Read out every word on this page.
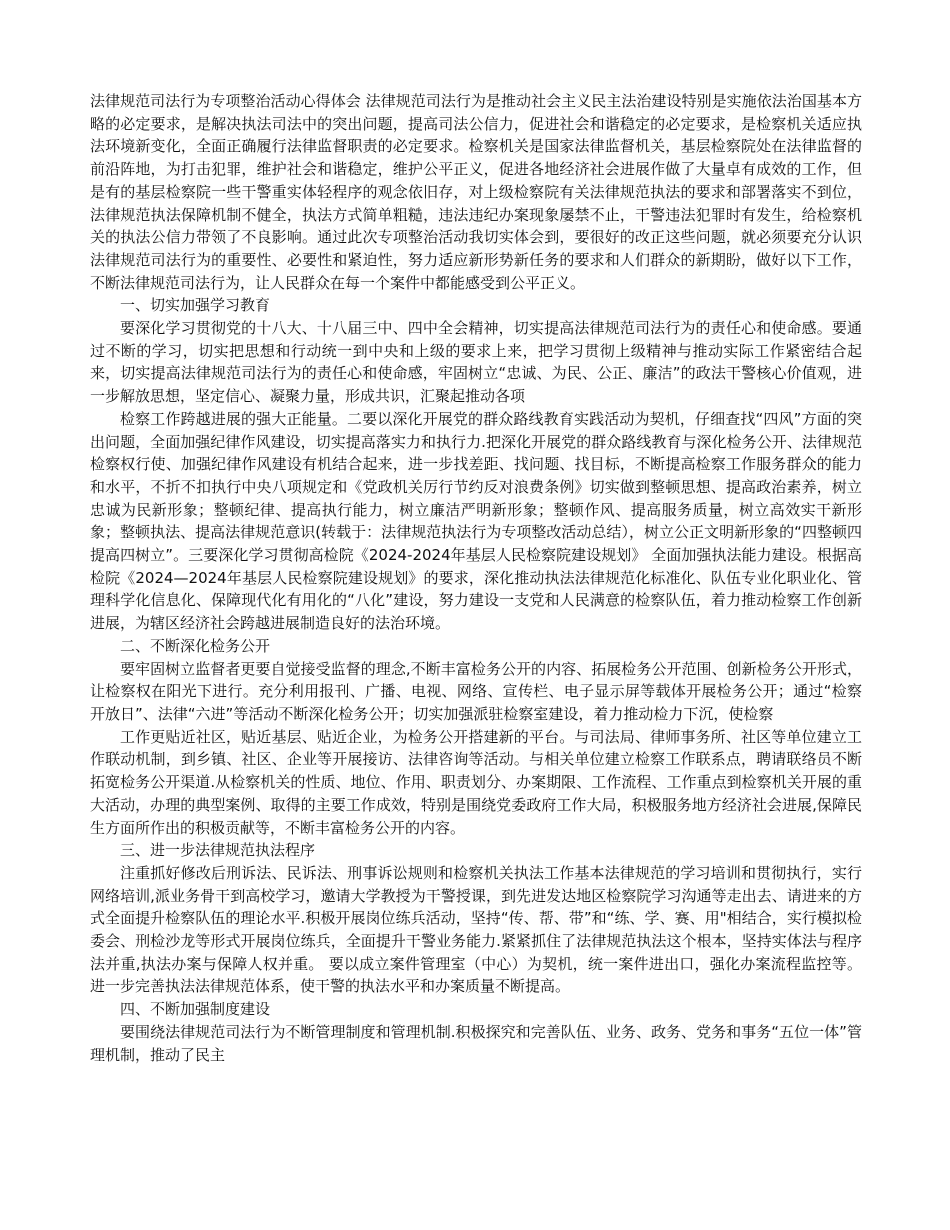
法律规范司法行为专项整治活动心得体会 法律规范司法行为是推动社会主义民主法治建设特别是实施依法治国基本方略的必定要求，是解决执法司法中的突出问题，提高司法公信力，促进社会和谐稳定的必定要求，是检察机关适应执法环境新变化，全面正确履行法律监督职责的必定要求。检察机关是国家法律监督机关，基层检察院处在法律监督的前沿阵地，为打击犯罪，维护社会和谐稳定，维护公平正义，促进各地经济社会进展作做了大量卓有成效的工作，但是有的基层检察院一些干警重实体轻程序的观念依旧存，对上级检察院有关法律规范执法的要求和部署落实不到位，法律规范执法保障机制不健全，执法方式简单粗糙，违法违纪办案现象屡禁不止，干警违法犯罪时有发生，给检察机关的执法公信力带领了不良影响。通过此次专项整治活动我切实体会到，要很好的改正这些问题，就必须要充分认识法律规范司法行为的重要性、必要性和紧迫性，努力适应新形势新任务的要求和人们群众的新期盼，做好以下工作，不断法律规范司法行为，让人民群众在每一个案件中都能感受到公平正义。

一、切实加强学习教育

要深化学习贯彻党的十八大、十八届三中、四中全会精神，切实提高法律规范司法行为的责任心和使命感。要通过不断的学习，切实把思想和行动统一到中央和上级的要求上来，把学习贯彻上级精神与推动实际工作紧密结合起来，切实提高法律规范司法行为的责任心和使命感，牢固树立“忠诚、为民、公正、廉洁”的政法干警核心价值观，进一步解放思想，坚定信心、凝聚力量，形成共识，汇聚起推动各项

检察工作跨越进展的强大正能量。二要以深化开展党的群众路线教育实践活动为契机，仔细查找“四风”方面的突出问题，全面加强纪律作风建设，切实提高落实力和执行力.把深化开展党的群众路线教育与深化检务公开、法律规范检察权行使、加强纪律作风建设有机结合起来，进一步找差距、找问题、找目标，不断提高检察工作服务群众的能力和水平，不折不扣执行中央八项规定和《党政机关厉行节约反对浪费条例》切实做到整顿思想、提高政治素养，树立忠诚为民新形象；整顿纪律、提高执行能力，树立廉洁严明新形象；整顿作风、提高服务质量，树立高效实干新形象；整顿执法、提高法律规范意识(转载于：法律规范执法行为专项整改活动总结），树立公正文明新形象的“四整顿四提高四树立”。三要深化学习贯彻高检院《2024-2024年基层人民检察院建设规划》 全面加强执法能力建设。根据高检院《2024—2024年基层人民检察院建设规划》的要求，深化推动执法法律规范化标准化、队伍专业化职业化、管理科学化信息化、保障现代化有用化的“八化”建设，努力建设一支党和人民满意的检察队伍，着力推动检察工作创新进展，为辖区经济社会跨越进展制造良好的法治环境。

二、不断深化检务公开

要牢固树立监督者更要自觉接受监督的理念,不断丰富检务公开的内容、拓展检务公开范围、创新检务公开形式，让检察权在阳光下进行。充分利用报刊、广播、电视、网络、宣传栏、电子显示屏等载体开展检务公开；通过“检察开放日”、法律“六进”等活动不断深化检务公开；切实加强派驻检察室建设，着力推动检力下沉，使检察

工作更贴近社区，贴近基层、贴近企业，为检务公开搭建新的平台。与司法局、律师事务所、社区等单位建立工作联动机制，到乡镇、社区、企业等开展接访、法律咨询等活动。与相关单位建立检察工作联系点，聘请联络员不断拓宽检务公开渠道.从检察机关的性质、地位、作用、职责划分、办案期限、工作流程、工作重点到检察机关开展的重大活动，办理的典型案例、取得的主要工作成效，特别是围绕党委政府工作大局，积极服务地方经济社会进展,保障民生方面所作出的积极贡献等，不断丰富检务公开的内容。

三、进一步法律规范执法程序

注重抓好修改后刑诉法、民诉法、刑事诉讼规则和检察机关执法工作基本法律规范的学习培训和贯彻执行，实行网络培训,派业务骨干到高校学习，邀请大学教授为干警授课，到先进发达地区检察院学习沟通等走出去、请进来的方式全面提升检察队伍的理论水平.积极开展岗位练兵活动，坚持“传、帮、带”和“练、学、赛、用"相结合，实行模拟检委会、刑检沙龙等形式开展岗位练兵，全面提升干警业务能力.紧紧抓住了法律规范执法这个根本，坚持实体法与程序法并重,执法办案与保障人权并重。 要以成立案件管理室（中心）为契机，统一案件进出口，强化办案流程监控等。 进一步完善执法法律规范体系，使干警的执法水平和办案质量不断提高。

四、不断加强制度建设

要围绕法律规范司法行为不断管理制度和管理机制.积极探究和完善队伍、业务、政务、党务和事务“五位一体”管理机制，推动了民主
